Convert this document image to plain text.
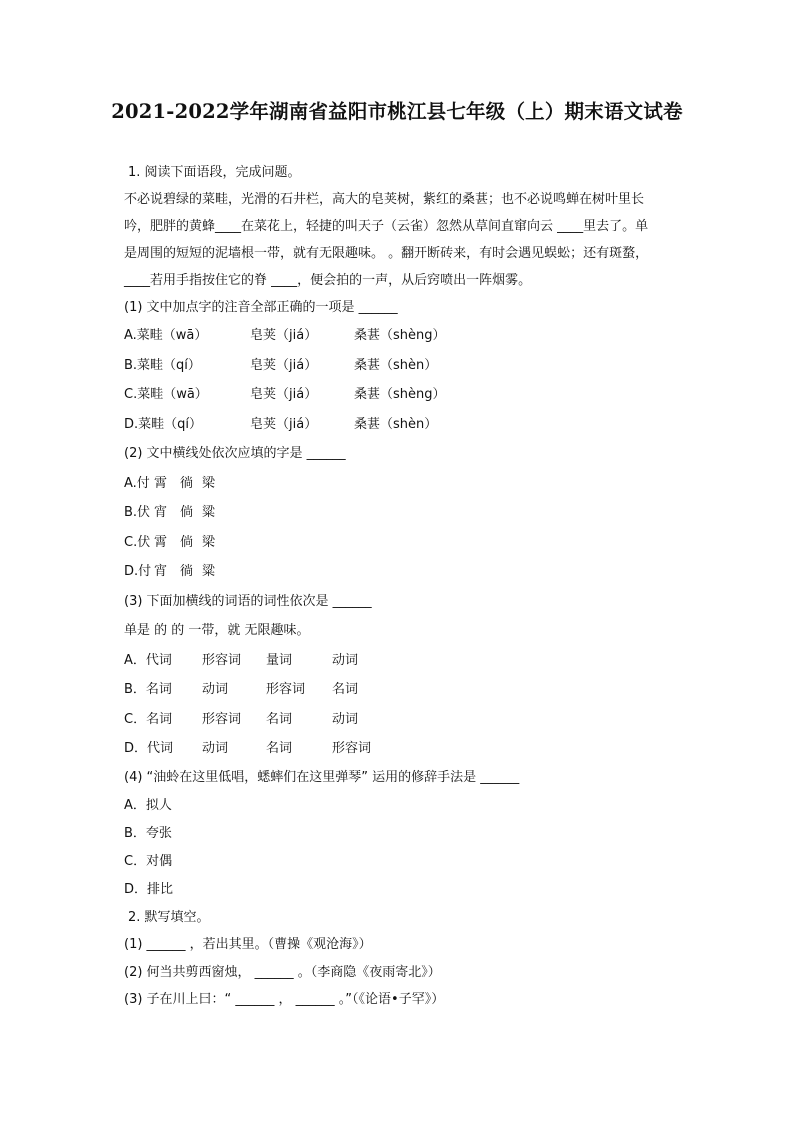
2021-2022学年湖南省益阳市桃江县七年级（上）期末语文试卷
1. 阅读下面语段，完成问题。
不必说碧绿的菜畦，光滑的石井栏，高大的皂荚树，紫红的桑葚；也不必说鸣蝉在树叶里长
吟，肥胖的黄蜂____在菜花上，轻捷的叫天子（云雀）忽然从草间直窜向云 ____里去了。单
是周围的短短的泥墙根一带，就有无限趣味。 。翻开断砖来，有时会遇见蜈蚣；还有斑蝥，
____若用手指按住它的脊 ____，便会拍的一声，从后窍喷出一阵烟雾。
(1) 文中加点字的注音全部正确的一项是 ______
A.菜畦（wā）	皂荚（jiá）	桑葚（shèng）
B.菜畦（qí）	皂荚（jiá）	桑葚（shèn）
C.菜畦（wā）	皂荚（jiá）	桑葚（shèng）
D.菜畦（qí）	皂荚（jiá）	桑葚（shèn）
(2) 文中横线处依次应填的字是 ______
A.付 霄 徜 梁
B.伏 宵 倘 粱
C.伏 霄 倘 梁
D.付 宵 徜 粱
(3) 下面加横线的词语的词性依次是 ______
单是 的 的 一带，就 无限趣味。
A．代词 形容词 量词	动词
B．名词 动词	形容词 名词
C．名词 形容词 名词	动词
D．代词 动词	名词	形容词
(4) “油蛉在这里低唱，蟋蟀们在这里弹琴” 运用的修辞手法是 ______
A．拟人
B．夸张
C．对偶
D．排比
2. 默写填空。
(1) ______ ，若出其里。（曹操《观沧海》）
(2) 何当共剪西窗烛， ______ 。（李商隐《夜雨寄北》）
(3) 子在川上曰：“ ______ ， ______ 。”（《论语•子罕》）
